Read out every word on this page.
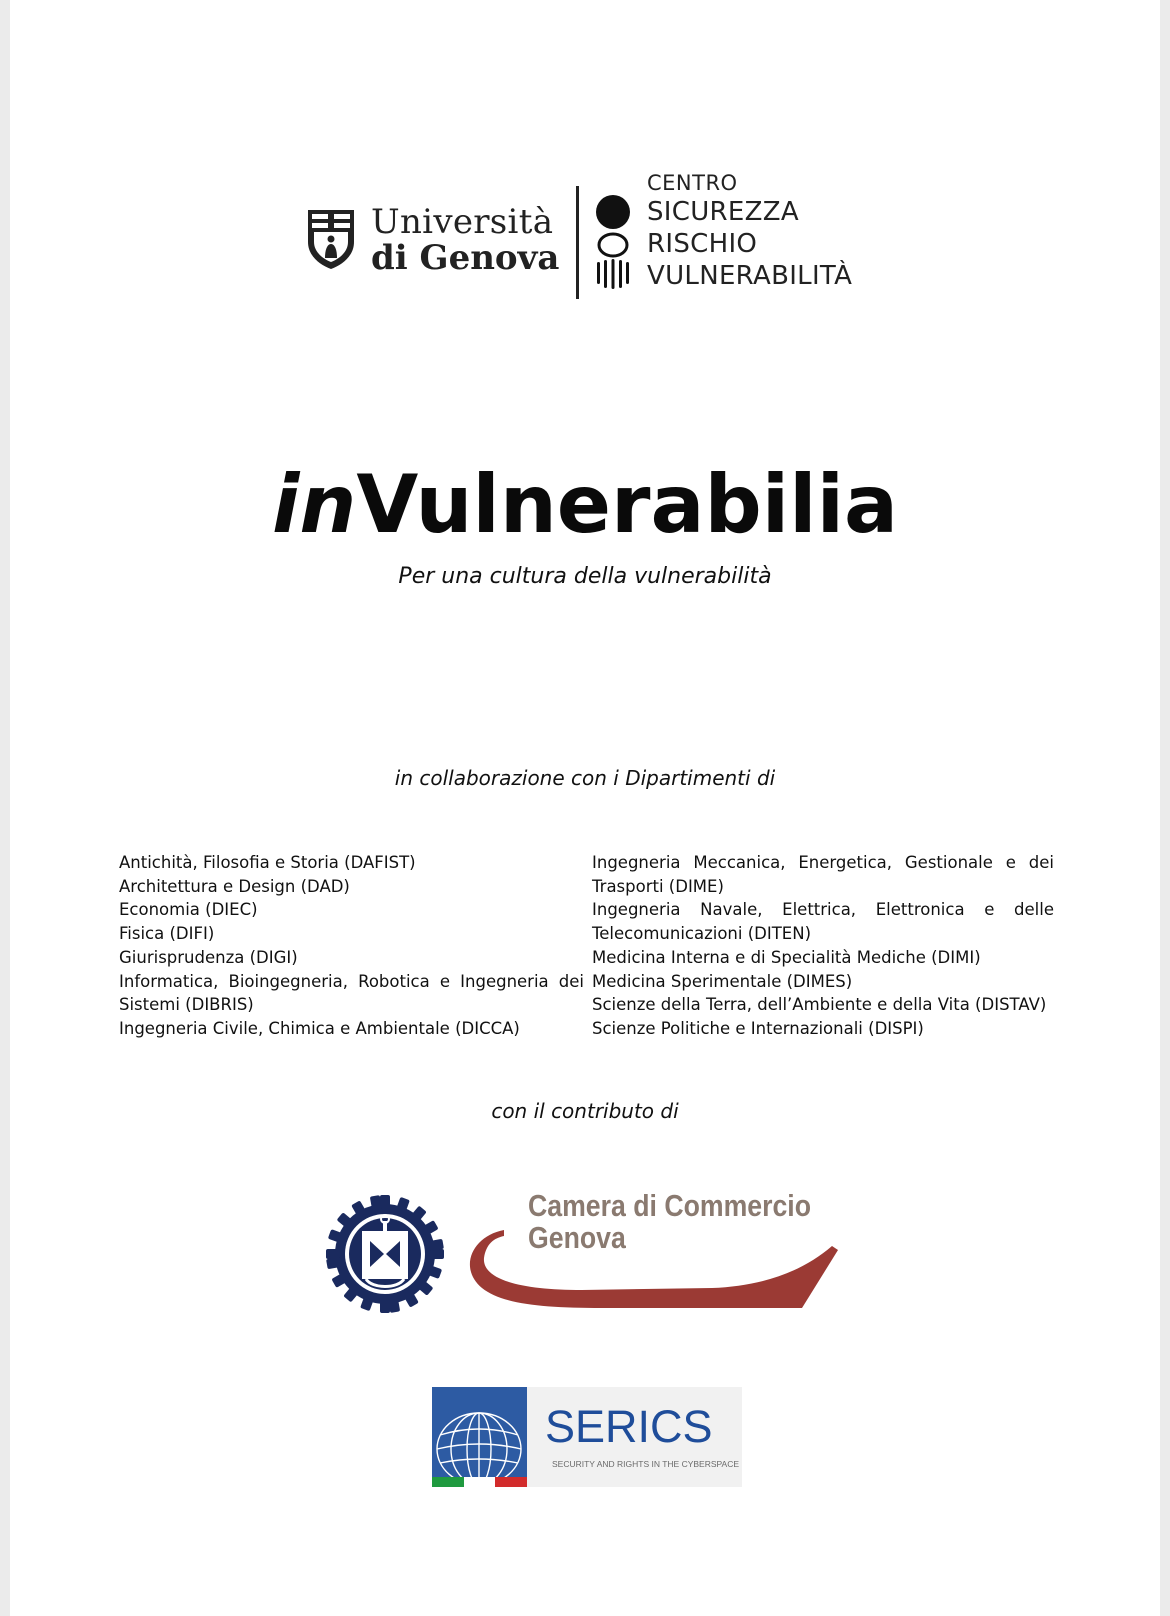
Università
di Genova
CENTRO
SICUREZZA
RISCHIO
VULNERABILITÀ
inVulnerabilia
Per una cultura della vulnerabilità
in collaborazione con i Dipartimenti di
Antichità, Filosofia e Storia (DAFIST)
Architettura e Design (DAD)
Economia (DIEC)
Fisica (DIFI)
Giurisprudenza (DIGI)
Informatica, Bioingegneria, Robotica e Ingegneria dei Sistemi (DIBRIS)
Ingegneria Civile, Chimica e Ambientale (DICCA)
Ingegneria Meccanica, Energetica, Gestionale e dei Trasporti (DIME)
Ingegneria Navale, Elettrica, Elettronica e delle Telecomunicazioni (DITEN)
Medicina Interna e di Specialità Mediche (DIMI)
Medicina Sperimentale (DIMES)
Scienze della Terra, dell’Ambiente e della Vita (DISTAV)
Scienze Politiche e Internazionali (DISPI)
con il contributo di
Camera di Commercio
Genova
SERICS
SECURITY AND RIGHTS IN THE CYBERSPACE
